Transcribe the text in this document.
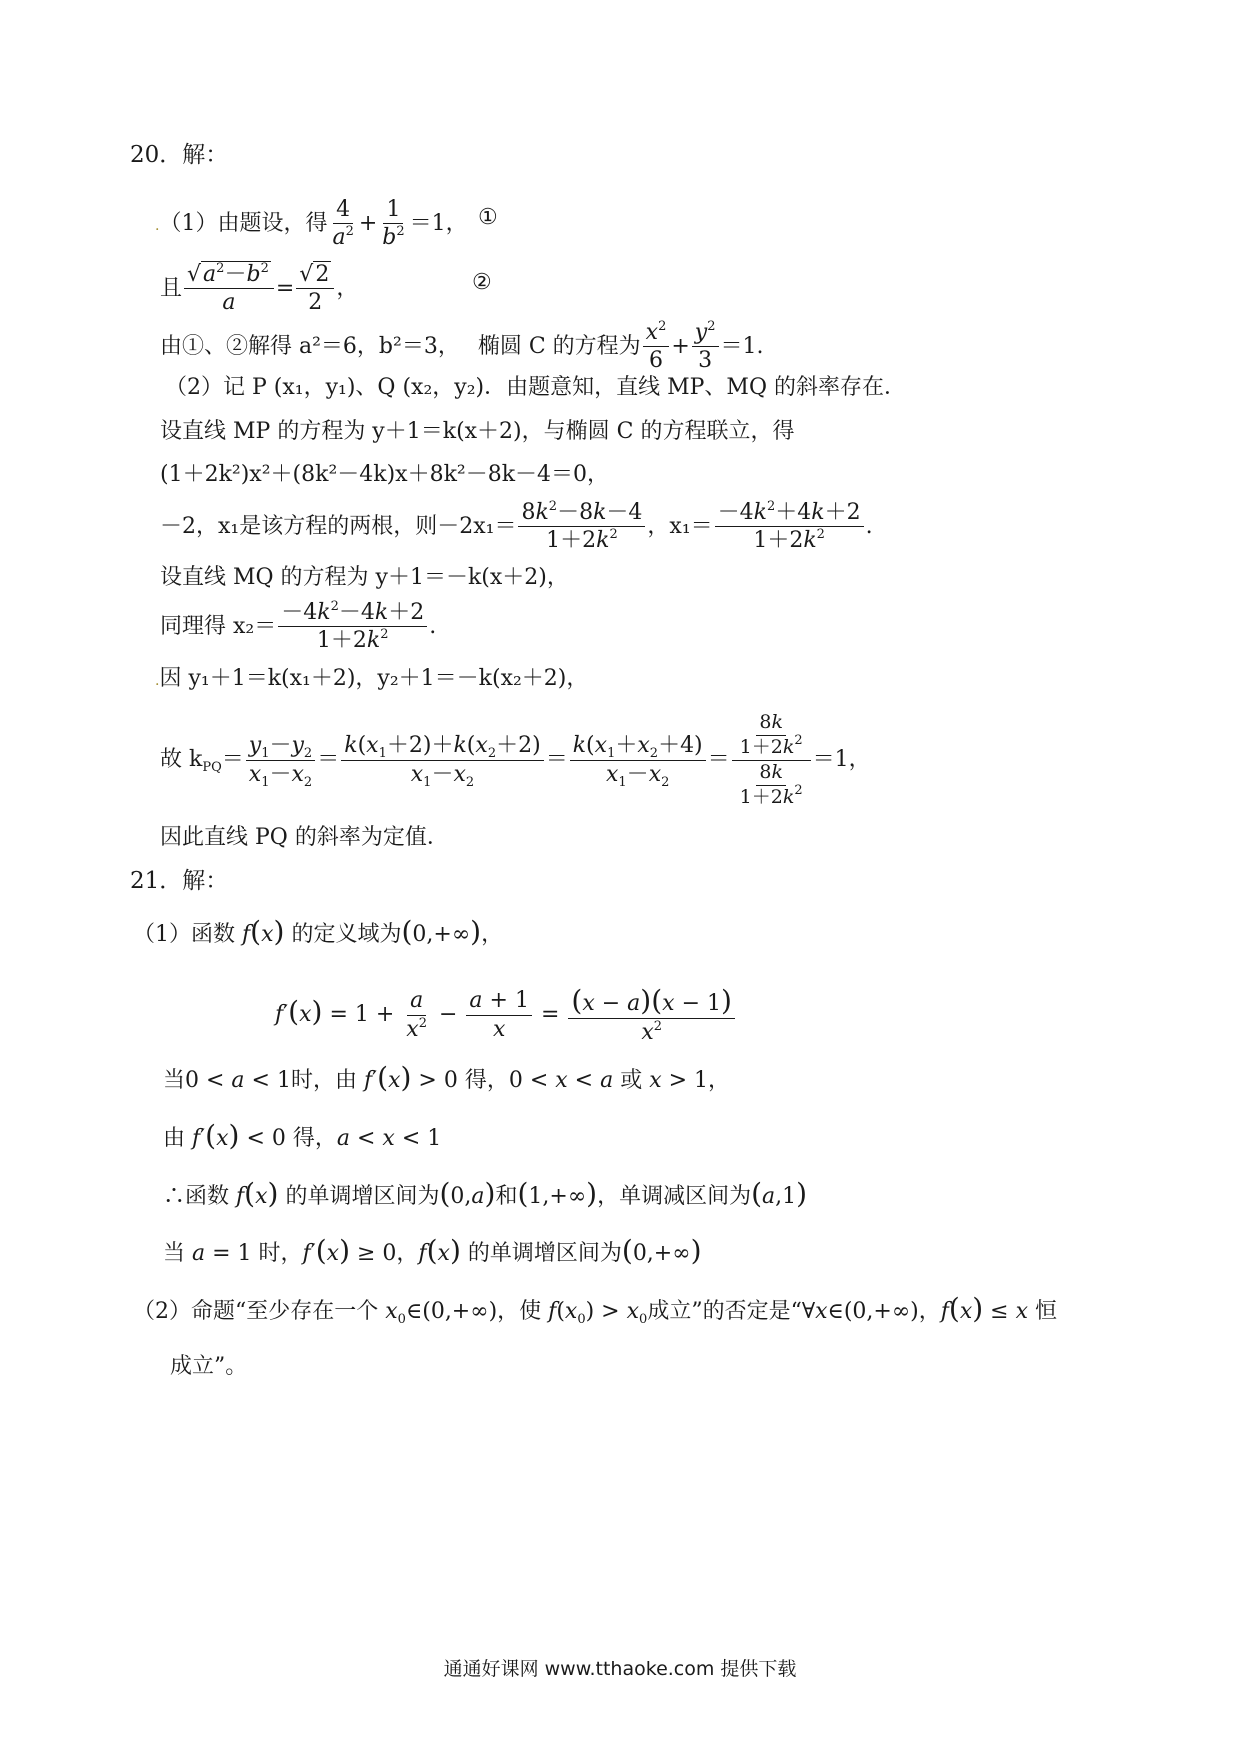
20．解：
.（1）由题设，得 $\frac{4}{a^2} + \frac{1}{b^2} =1$， ①
且 $\frac{√a^2-b^2}{a} = \frac{√2}{2}$ ，	②
由①、②解得 a²＝6，b²＝3，　 椭圆 C 的方程为 $\frac{x^2}{6} + \frac{y^2}{3} =1$.
（2）记 P (x₁，y₁)、Q (x₂，y₂)．由题意知，直线 MP、MQ 的斜率存在．
设直线 MP 的方程为 y＋1＝k(x＋2)，与椭圆 C 的方程联立，得
(1＋2k²)x²＋(8k²－4k)x＋8k²－8k－4＝0，
－2，x₁是该方程的两根，则$-2x_1= \frac{8k^2-8k-4}{1+2k^2}$ ，$x_1= \frac{-4k^2+4k+2}{1+2k^2}$ .
设直线 MQ 的方程为 y＋1＝－k(x＋2)，
同理得 $x_2= \frac{-4k^2-4k+2}{1+2k^2}$ .
.因 y₁＋1＝k(x₁＋2)，y₂＋1＝－k(x₂＋2)，
故 $k_{PQ}= \frac{y_1-y_2}{x_1-x_2} = \frac{k(x_1+2)+k(x_2+2)}{x_1-x_2} = \frac{k(x_1+x_2+4)}{x_1-x_2} = \frac{\frac{8k}{1+2k^2}}{\frac{8k}{1+2k^2}} =1$，
因此直线 PQ 的斜率为定值．
21．解：
（1）函数 f(x) 的定义域为(0,+∞)，
$f'(x) = 1 + \frac{a}{x^2} - \frac{a + 1}{x} = \frac{(x - a)(x - 1)}{x^2}$
当0 < a < 1时，由 f′(x) > 0 得，0 < x < a 或 x > 1，
由 f′(x) < 0 得，a < x < 1
∴函数 f(x) 的单调增区间为(0,a)和(1,+∞)，单调减区间为(a,1)
当 a = 1 时，f′(x) ≥ 0，f(x) 的单调增区间为(0,+∞)
（2）命题“至少存在一个 $x_0\in(0,+\infty)$，使 $f(x_0) > x_0$成立”的否定是“∀x∈(0,+∞)，f(x) ≤ x 恒
成立”。
通通好课网 www.tthaoke.com 提供下载
